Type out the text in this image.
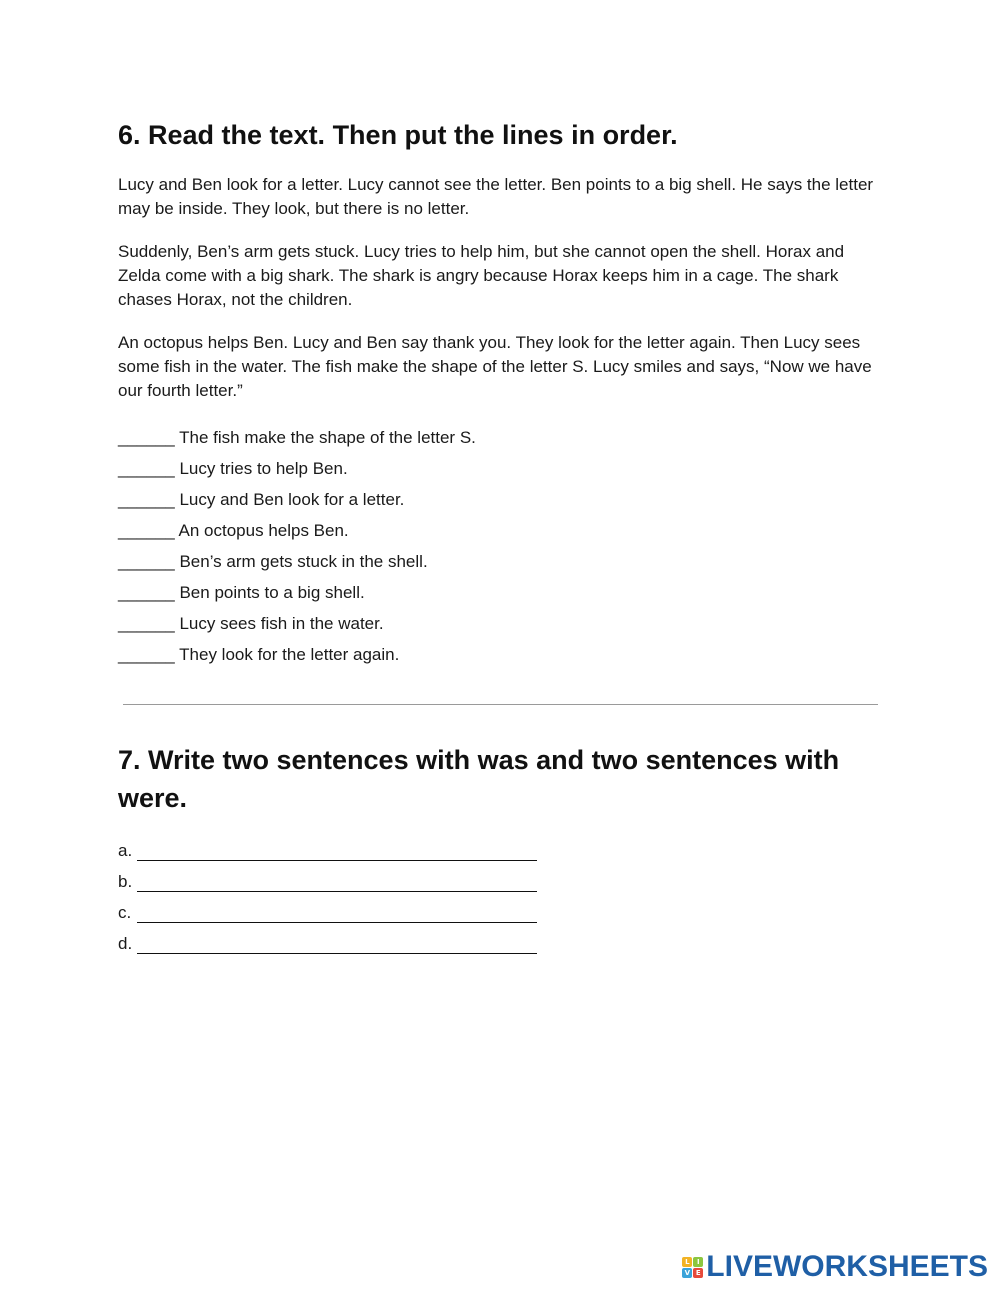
6. Read the text. Then put the lines in order.

Lucy and Ben look for a letter. Lucy cannot see the letter. Ben points to a big shell. He says the letter may be inside. They look, but there is no letter.

Suddenly, Ben’s arm gets stuck. Lucy tries to help him, but she cannot open the shell. Horax and Zelda come with a big shark. The shark is angry because Horax keeps him in a cage. The shark chases Horax, not the children.

An octopus helps Ben. Lucy and Ben say thank you. They look for the letter again. Then Lucy sees some fish in the water. The fish make the shape of the letter S. Lucy smiles and says, “Now we have our fourth letter.”

______ The fish make the shape of the letter S.
______ Lucy tries to help Ben.
______ Lucy and Ben look for a letter.
______ An octopus helps Ben.
______ Ben’s arm gets stuck in the shell.
______ Ben points to a big shell.
______ Lucy sees fish in the water.
______ They look for the letter again.
7. Write two sentences with was and two sentences with were.
a.
b.
c.
d.
L	I
V E LIVEWORKSHEETS
